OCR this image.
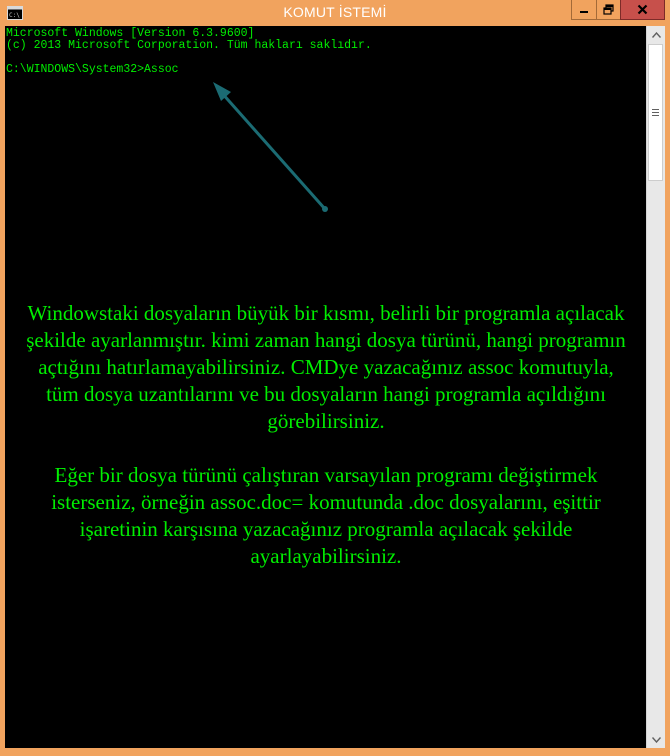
C:\	KOMUT İSTEMİ
Microsoft Windows [Version 6.3.9600]
(c) 2013 Microsoft Corporation. Tüm hakları saklıdır.
C:\WINDOWS\System32>Assoc

Windowstaki dosyaların büyük bir kısmı, belirli bir programla açılacak şekilde ayarlanmıştır. kimi zaman hangi dosya türünü, hangi programın açtığını hatırlamayabilirsiniz. CMDye yazacağınız assoc komutuyla, tüm dosya uzantılarını ve bu dosyaların hangi programla açıldığını görebilirsiniz.

Eğer bir dosya türünü çalıştıran varsayılan programı değiştirmek isterseniz, örneğin assoc.doc= komutunda .doc dosyalarını, eşittir işaretinin karşısına yazacağınız programla açılacak şekilde ayarlayabilirsiniz.
